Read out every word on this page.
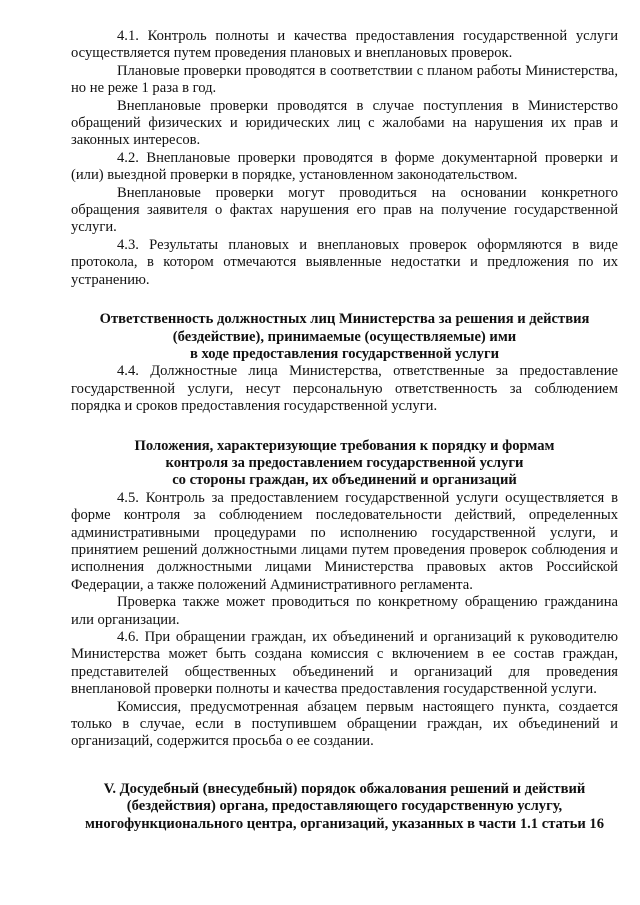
4.1. Контроль полноты и качества предоставления государственной услуги осуществляется путем проведения плановых и внеплановых проверок.

Плановые проверки проводятся в соответствии с планом работы Министерства, но не реже 1 раза в год.

Внеплановые проверки проводятся в случае поступления в Министерство обращений физических и юридических лиц с жалобами на нарушения их прав и законных интересов.

4.2. Внеплановые проверки проводятся в форме документарной проверки и (или) выездной проверки в порядке, установленном законодательством.

Внеплановые проверки могут проводиться на основании конкретного обращения заявителя о фактах нарушения его прав на получение государственной услуги.

4.3. Результаты плановых и внеплановых проверок оформляются в виде протокола, в котором отмечаются выявленные недостатки и предложения по их устранению.

Ответственность должностных лиц Министерства за решения и действия

(бездействие), принимаемые (осуществляемые) ими

в ходе предоставления государственной услуги

4.4. Должностные лица Министерства, ответственные за предоставление государственной услуги, несут персональную ответственность за соблюдением порядка и сроков предоставления государственной услуги.

Положения, характеризующие требования к порядку и формам

контроля за предоставлением государственной услуги

со стороны граждан, их объединений и организаций

4.5. Контроль за предоставлением государственной услуги осуществляется в форме контроля за соблюдением последовательности действий, определенных административными процедурами по исполнению государственной услуги, и принятием решений должностными лицами путем проведения проверок соблюдения и исполнения должностными лицами Министерства правовых актов Российской Федерации, а также положений Административного регламента.

Проверка также может проводиться по конкретному обращению гражданина или организации.

4.6. При обращении граждан, их объединений и организаций к руководителю Министерства может быть создана комиссия с включением в ее состав граждан, представителей общественных объединений и организаций для проведения внеплановой проверки полноты и качества предоставления государственной услуги.

Комиссия, предусмотренная абзацем первым настоящего пункта, создается только в случае, если в поступившем обращении граждан, их объединений и организаций, содержится просьба о ее создании.

V. Досудебный (внесудебный) порядок обжалования решений и действий

(бездействия) органа, предоставляющего государственную услугу,

многофункционального центра, организаций, указанных в части 1.1 статьи 16
